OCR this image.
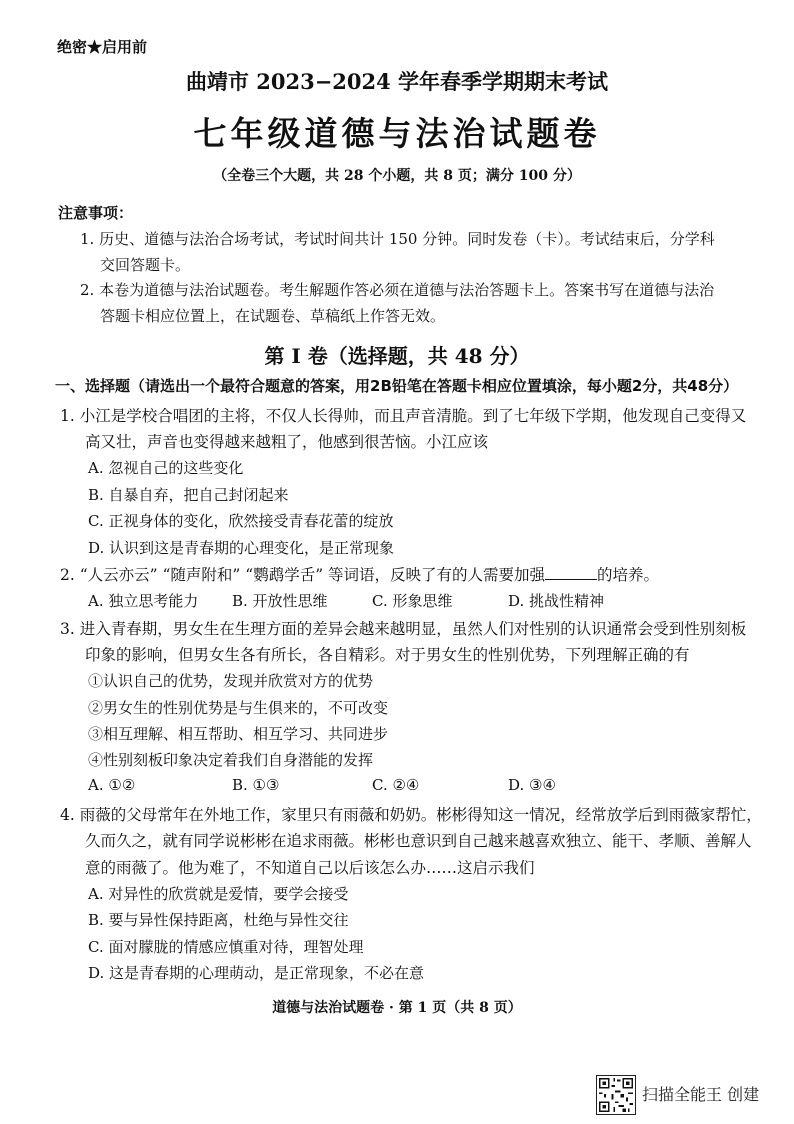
绝密★启用前
曲靖市 2023−2024 学年春季学期期末考试
七年级道德与法治试题卷
（全卷三个大题，共 28 个小题，共 8 页；满分 100 分）
注意事项：
1. 历史、道德与法治合场考试，考试时间共计 150 分钟。同时发卷（卡）。考试结束后，分学科
交回答题卡。
2. 本卷为道德与法治试题卷。考生解题作答必须在道德与法治答题卡上。答案书写在道德与法治
答题卡相应位置上，在试题卷、草稿纸上作答无效。
第 I 卷（选择题，共 48 分）
一、选择题（请选出一个最符合题意的答案，用2B铅笔在答题卡相应位置填涂，每小题2分，共48分）
1. 小江是学校合唱团的主将，不仅人长得帅，而且声音清脆。到了七年级下学期，他发现自己变得又
高又壮，声音也变得越来越粗了，他感到很苦恼。小江应该
A. 忽视自己的这些变化
B. 自暴自弃，把自己封闭起来
C. 正视身体的变化，欣然接受青春花蕾的绽放
D. 认识到这是青春期的心理变化，是正常现象
2. “人云亦云” “随声附和” “鹦鹉学舌” 等词语，反映了有的人需要加强	的培养。
A. 独立思考能力 B. 开放性思维	C. 形象思维	D. 挑战性精神
3. 进入青春期，男女生在生理方面的差异会越来越明显，虽然人们对性别的认识通常会受到性别刻板
印象的影响，但男女生各有所长，各自精彩。对于男女生的性别优势，下列理解正确的有
①认识自己的优势，发现并欣赏对方的优势
②男女生的性别优势是与生俱来的，不可改变
③相互理解、相互帮助、相互学习、共同进步
④性别刻板印象决定着我们自身潜能的发挥
A. ①②	B. ①③	C. ②④	D. ③④
4. 雨薇的父母常年在外地工作，家里只有雨薇和奶奶。彬彬得知这一情况，经常放学后到雨薇家帮忙，
久而久之，就有同学说彬彬在追求雨薇。彬彬也意识到自己越来越喜欢独立、能干、孝顺、善解人
意的雨薇了。他为难了，不知道自己以后该怎么办……这启示我们
A. 对异性的欣赏就是爱情，要学会接受
B. 要与异性保持距离，杜绝与异性交往
C. 面对朦胧的情感应慎重对待，理智处理
D. 这是青春期的心理萌动，是正常现象，不必在意
道德与法治试题卷 · 第 1 页（共 8 页）
扫描全能王 创建
